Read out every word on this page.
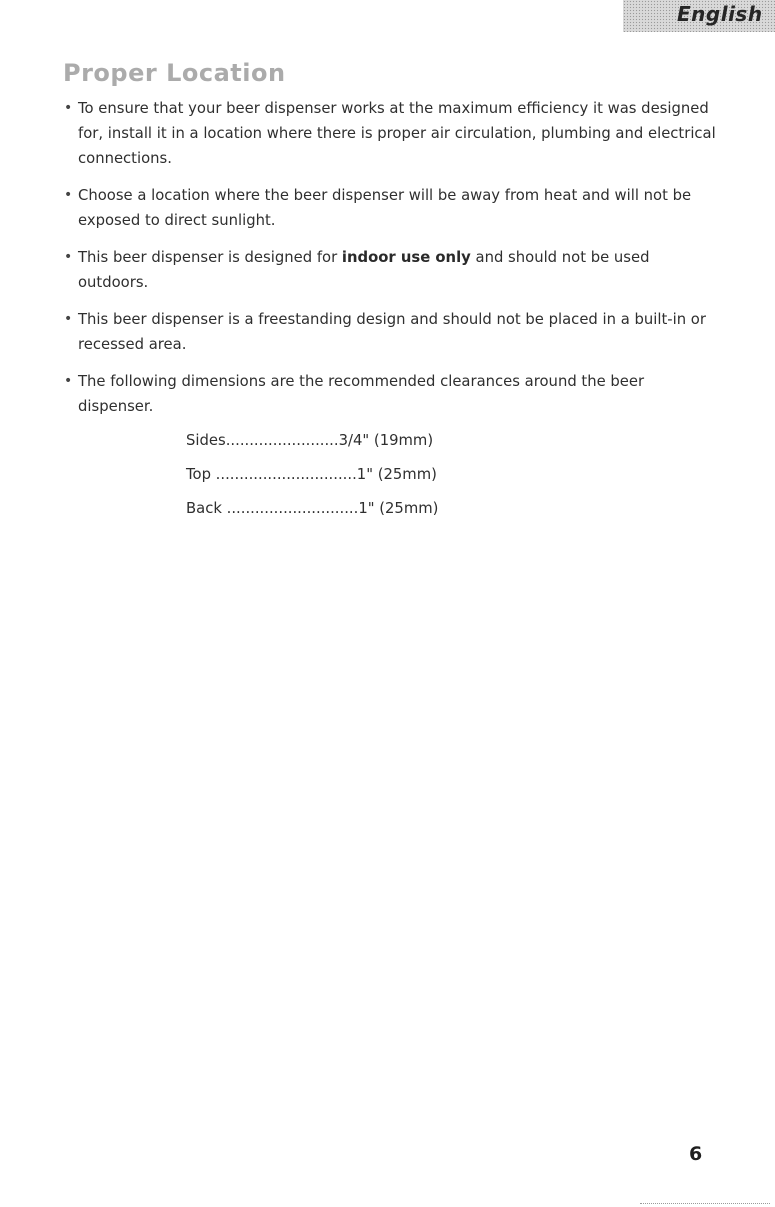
English
Proper Location
• To ensure that your beer dispenser works at the maximum efficiency it was designed for, install it in a location where there is proper air circulation, plumbing and electrical connections.
• Choose a location where the beer dispenser will be away from heat and will not be exposed to direct sunlight.
• This beer dispenser is designed for indoor use only and should not be used outdoors.
• This beer dispenser is a freestanding design and should not be placed in a built-in or recessed area.
• The following dimensions are the recommended clearances around the beer dispenser.
Sides........................3/4" (19mm)
Top ..............................1" (25mm)
Back ............................1" (25mm)
6
